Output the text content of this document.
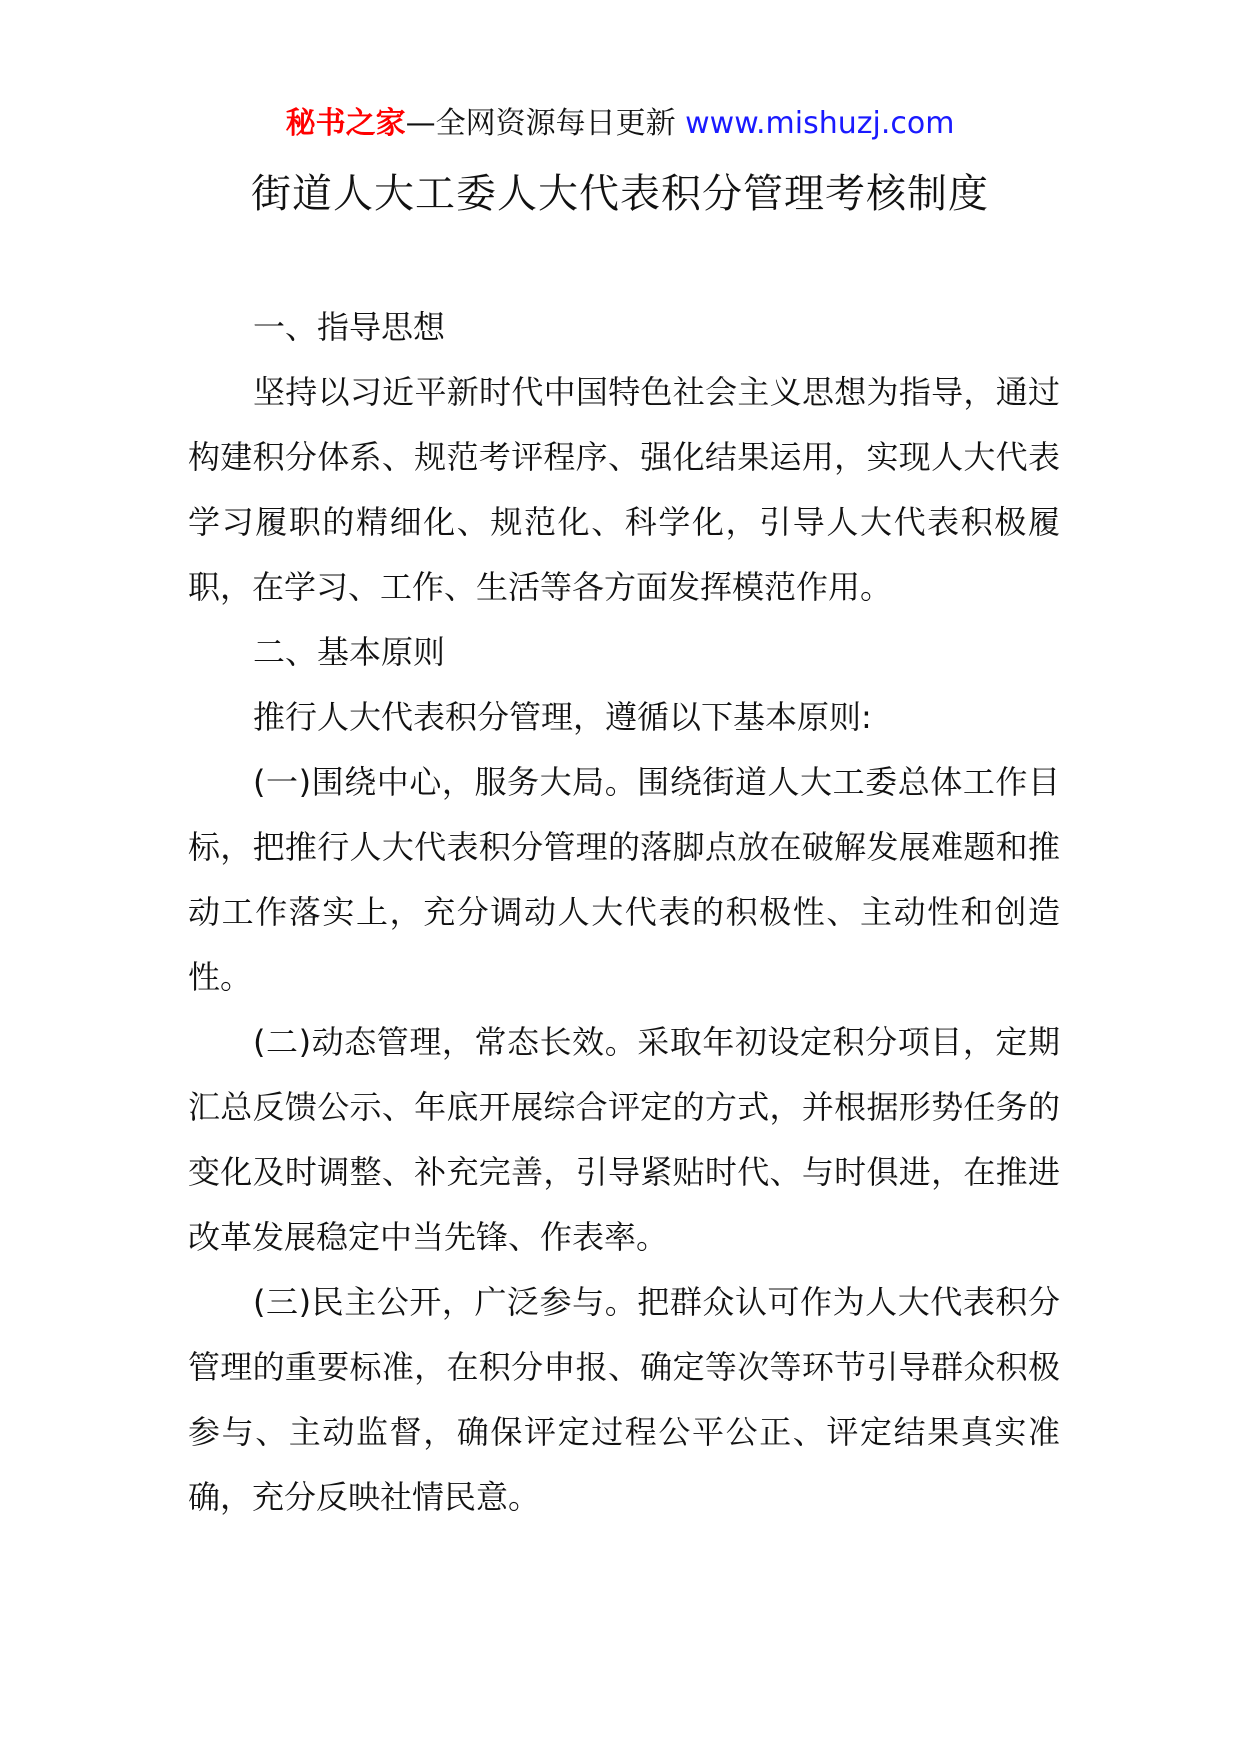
秘书之家—全网资源每日更新 www.mishuzj.com
街道人大工委人大代表积分管理考核制度

一、指导思想

坚持以习近平新时代中国特色社会主义思想为指导，通过构建积分体系、规范考评程序、强化结果运用，实现人大代表学习履职的精细化、规范化、科学化，引导人大代表积极履职，在学习、工作、生活等各方面发挥模范作用。

二、基本原则

推行人大代表积分管理，遵循以下基本原则:

(一)围绕中心，服务大局。围绕街道人大工委总体工作目标，把推行人大代表积分管理的落脚点放在破解发展难题和推动工作落实上，充分调动人大代表的积极性、主动性和创造性。

(二)动态管理，常态长效。采取年初设定积分项目，定期汇总反馈公示、年底开展综合评定的方式，并根据形势任务的变化及时调整、补充完善，引导紧贴时代、与时俱进，在推进改革发展稳定中当先锋、作表率。

(三)民主公开，广泛参与。把群众认可作为人大代表积分管理的重要标准，在积分申报、确定等次等环节引导群众积极参与、主动监督，确保评定过程公平公正、评定结果真实准确，充分反映社情民意。
